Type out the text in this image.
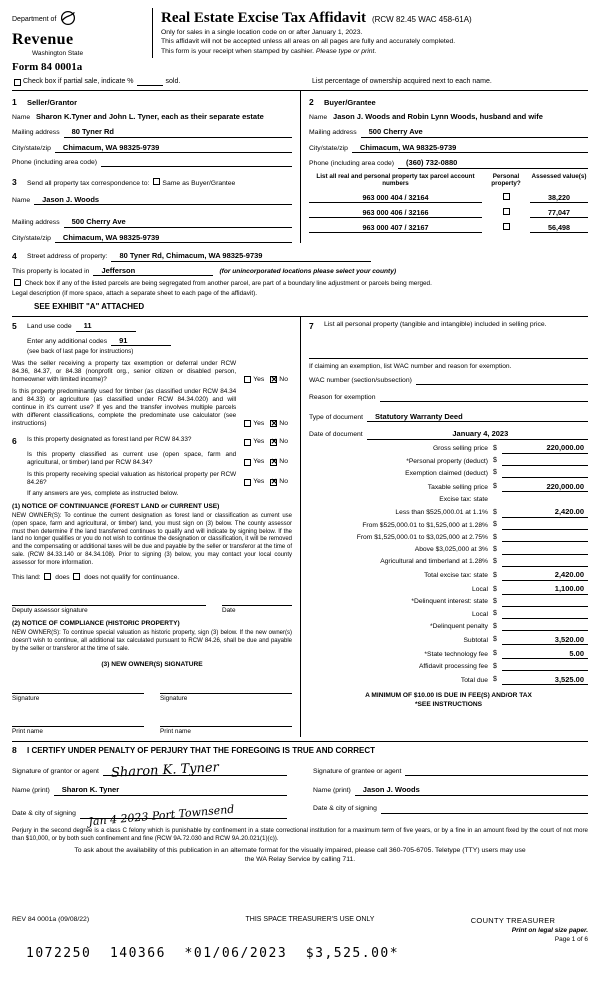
Department of
Revenue
Washington State
Real Estate Excise Tax Affidavit (RCW 82.45 WAC 458-61A)
Only for sales in a single location code on or after January 1, 2023.
This affidavit will not be accepted unless all areas on all pages are fully and accurately completed.
This form is your receipt when stamped by cashier. Please type or print.
Form 84 0001a
Check box if partial sale, indicate %	sold.	List percentage of ownership acquired next to each name.
1	Seller/Grantor
Name Sharon K.Tyner and John L. Tyner, each as their separate estate
Mailing address	80 Tyner Rd
City/state/zip	Chimacum, WA 98325-9739
Phone (including area code)
2	Buyer/Grantee
Name Jason J. Woods and Robin Lynn Woods, husband and wife
Mailing address	500 Cherry Ave
City/state/zip	Chimacum, WA 98325-9739
Phone (including area code)	(360) 732-0880
3	Send all property tax correspondence to: Same as Buyer/Grantee
Name	Jason J. Woods
Mailing address	500 Cherry Ave
City/state/zip	Chimacum, WA 98325-9739
List all real and personal property tax parcel account numbers
Personal property?
Assessed value(s)
963 000 404 / 32164	38,220
963 000 406 / 32166	77,047
963 000 407 / 32167	56,498
4	Street address of property:	80 Tyner Rd, Chimacum, WA 98325-9739
This property is located in	Jefferson	(for unincorporated locations please select your county)
Check box if any of the listed parcels are being segregated from another parcel, are part of a boundary line adjustment or parcels being merged.
Legal description (if more space, attach a separate sheet to each page of the affidavit).
SEE EXHIBIT "A" ATTACHED
5	Land use code	11
Enter any additional codes	91
(see back of last page for instructions)
Was the seller receiving a property tax exemption or deferral under RCW 84.36, 84.37, or 84.38 (nonprofit org., senior citizen or disabled person, homeowner with limited income)?	Yes ✕ No
Is this property predominantly used for timber (as classified under RCW 84.34 and 84.33) or agriculture (as classified under RCW 84.34.020) and will continue in it's current use? If yes and the transfer involves multiple parcels with different classifications, complete the predominate use calculator (see instructions)	Yes ✕ No
6	Is this property designated as forest land per RCW 84.33?	Yes ✕ No
Is this property classified as current use (open space, farm and agricultural, or timber) land per RCW 84.34?	Yes ✕ No
Is this property receiving special valuation as historical property per RCW 84.26?	Yes ✕ No
If any answers are yes, complete as instructed below.
(1) NOTICE OF CONTINUANCE (FOREST LAND or CURRENT USE)
NEW OWNER(S): To continue the current designation as forest land or classification as current use (open space, farm and agricultural, or timber) land, you must sign on (3) below. The county assessor must then determine if the land transferred continues to qualify and will indicate by signing below. If the land no longer qualifies or you do not wish to continue the designation or classification, it will be removed and the compensating or additional taxes will be due and payable by the seller or transferor at the time of sale. (RCW 84.33.140 or 84.34.108). Prior to signing (3) below, you may contact your local county assessor for more information.
This land: does does not qualify for continuance.
Deputy assessor signature	Date
(2) NOTICE OF COMPLIANCE (HISTORIC PROPERTY)
NEW OWNER(S): To continue special valuation as historic property, sign (3) below. If the new owner(s) doesn't wish to continue, all additional tax calculated pursuant to RCW 84.26, shall be due and payable by the seller or transferor at the time of sale.
(3) NEW OWNER(S) SIGNATURE
Signature	Signature
Print name	Print name
7	List all personal property (tangible and intangible) included in selling price.
If claiming an exemption, list WAC number and reason for exemption.
WAC number (section/subsection)
Reason for exemption
Type of document	Statutory Warranty Deed
Date of document	January 4, 2023
Gross selling price $	220,000.00
*Personal property (deduct) $
Exemption claimed (deduct) $
Taxable selling price $	220,000.00
Excise tax: state
Less than $525,000.01 at 1.1% $	2,420.00
From $525,000.01 to $1,525,000 at 1.28% $
From $1,525,000.01 to $3,025,000 at 2.75% $
Above $3,025,000 at 3% $
Agricultural and timberland at 1.28% $
Total excise tax: state $	2,420.00
Local $	1,100.00
*Delinquent interest: state $
Local $
*Delinquent penalty $
Subtotal $	3,520.00
*State technology fee $	5.00
Affidavit processing fee $
Total due $	3,525.00
A MINIMUM OF $10.00 IS DUE IN FEE(S) AND/OR TAX
*SEE INSTRUCTIONS
8	I CERTIFY UNDER PENALTY OF PERJURY THAT THE FOREGOING IS TRUE AND CORRECT
Signature of grantor or agent Sharon K. Tyner
Name (print)	Sharon K. Tyner
Date & city of signing	Jan 4 2023 Port Townsend
Signature of grantee or agent
Name (print)	Jason J. Woods
Date & city of signing
Perjury in the second degree is a class C felony which is punishable by confinement in a state correctional institution for a maximum term of five years, or by a fine in an amount fixed by the court of not more than $10,000, or by both such confinement and fine (RCW 9A.72.030 and RCW 9A.20.021(1)(c)).
To ask about the availability of this publication in an alternate format for the visually impaired, please call 360-705-6705. Teletype (TTY) users may use the WA Relay Service by calling 711.
REV 84 0001a (09/08/22)	THIS SPACE TREASURER'S USE ONLY	COUNTY TREASURER
Print on legal size paper.
Page 1 of 6
1072250  140366  *01/06/2023  $3,525.00*
